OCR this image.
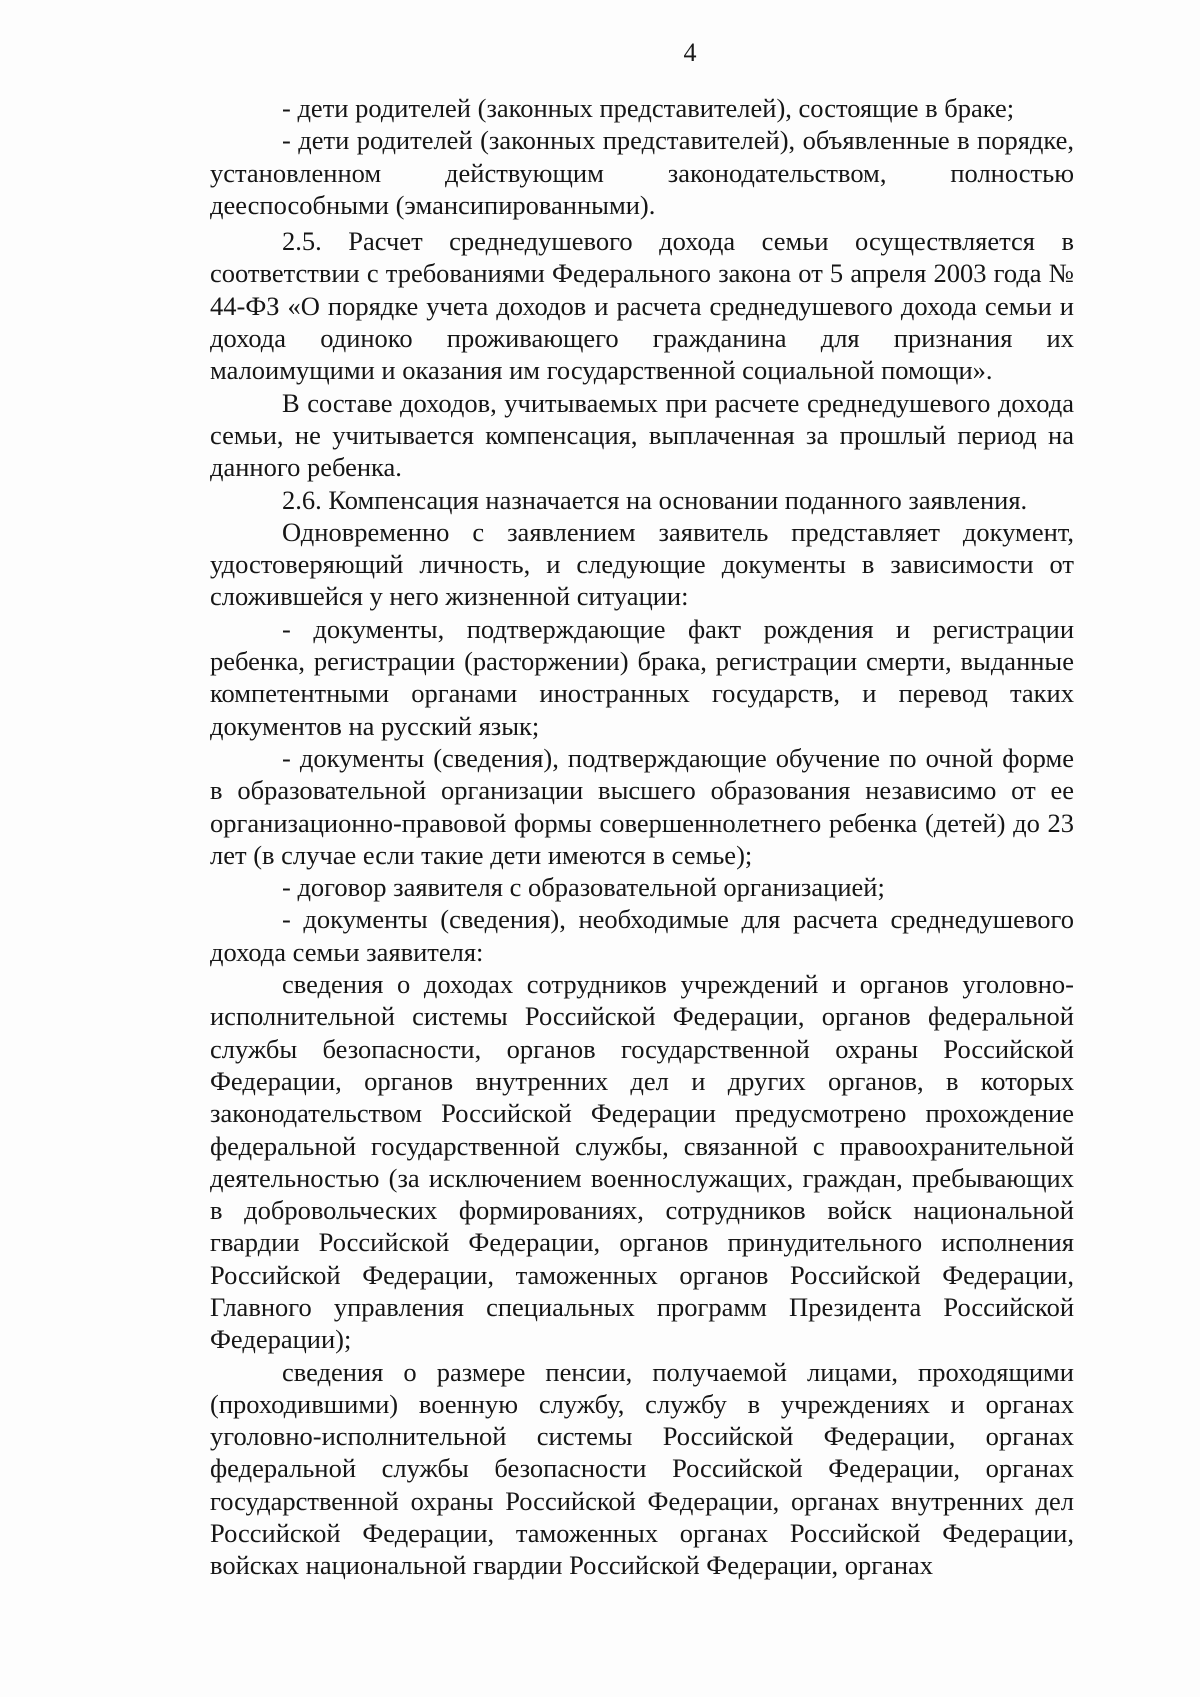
4

- дети родителей (законных представителей), состоящие в браке;

- дети родителей (законных представителей), объявленные в порядке, установленном действующим законодательством, полностью дееспособными (эмансипированными).

2.5. Расчет среднедушевого дохода семьи осуществляется в соответствии с требованиями Федерального закона от 5 апреля 2003 года № 44-ФЗ «О порядке учета доходов и расчета среднедушевого дохода семьи и дохода одиноко проживающего гражданина для признания их малоимущими и оказания им государственной социальной помощи».

В составе доходов, учитываемых при расчете среднедушевого дохода семьи, не учитывается компенсация, выплаченная за прошлый период на данного ребенка.

2.6. Компенсация назначается на основании поданного заявления.

Одновременно с заявлением заявитель представляет документ, удостоверяющий личность, и следующие документы в зависимости от сложившейся у него жизненной ситуации:

- документы, подтверждающие факт рождения и регистрации ребенка, регистрации (расторжении) брака, регистрации смерти, выданные компетентными органами иностранных государств, и перевод таких документов на русский язык;

- документы (сведения), подтверждающие обучение по очной форме в образовательной организации высшего образования независимо от ее организационно-правовой формы совершеннолетнего ребенка (детей) до 23 лет (в случае если такие дети имеются в семье);

- договор заявителя с образовательной организацией;

- документы (сведения), необходимые для расчета среднедушевого дохода семьи заявителя:

сведения о доходах сотрудников учреждений и органов уголовно-исполнительной системы Российской Федерации, органов федеральной службы безопасности, органов государственной охраны Российской Федерации, органов внутренних дел и других органов, в которых законодательством Российской Федерации предусмотрено прохождение федеральной государственной службы, связанной с правоохранительной деятельностью (за исключением военнослужащих, граждан, пребывающих в добровольческих формированиях, сотрудников войск национальной гвардии Российской Федерации, органов принудительного исполнения Российской Федерации, таможенных органов Российской Федерации, Главного управления специальных программ Президента Российской Федерации);

сведения о размере пенсии, получаемой лицами, проходящими (проходившими) военную службу, службу в учреждениях и органах уголовно-исполнительной системы Российской Федерации, органах федеральной службы безопасности Российской Федерации, органах государственной охраны Российской Федерации, органах внутренних дел Российской Федерации, таможенных органах Российской Федерации, войсках национальной гвардии Российской Федерации, органах
